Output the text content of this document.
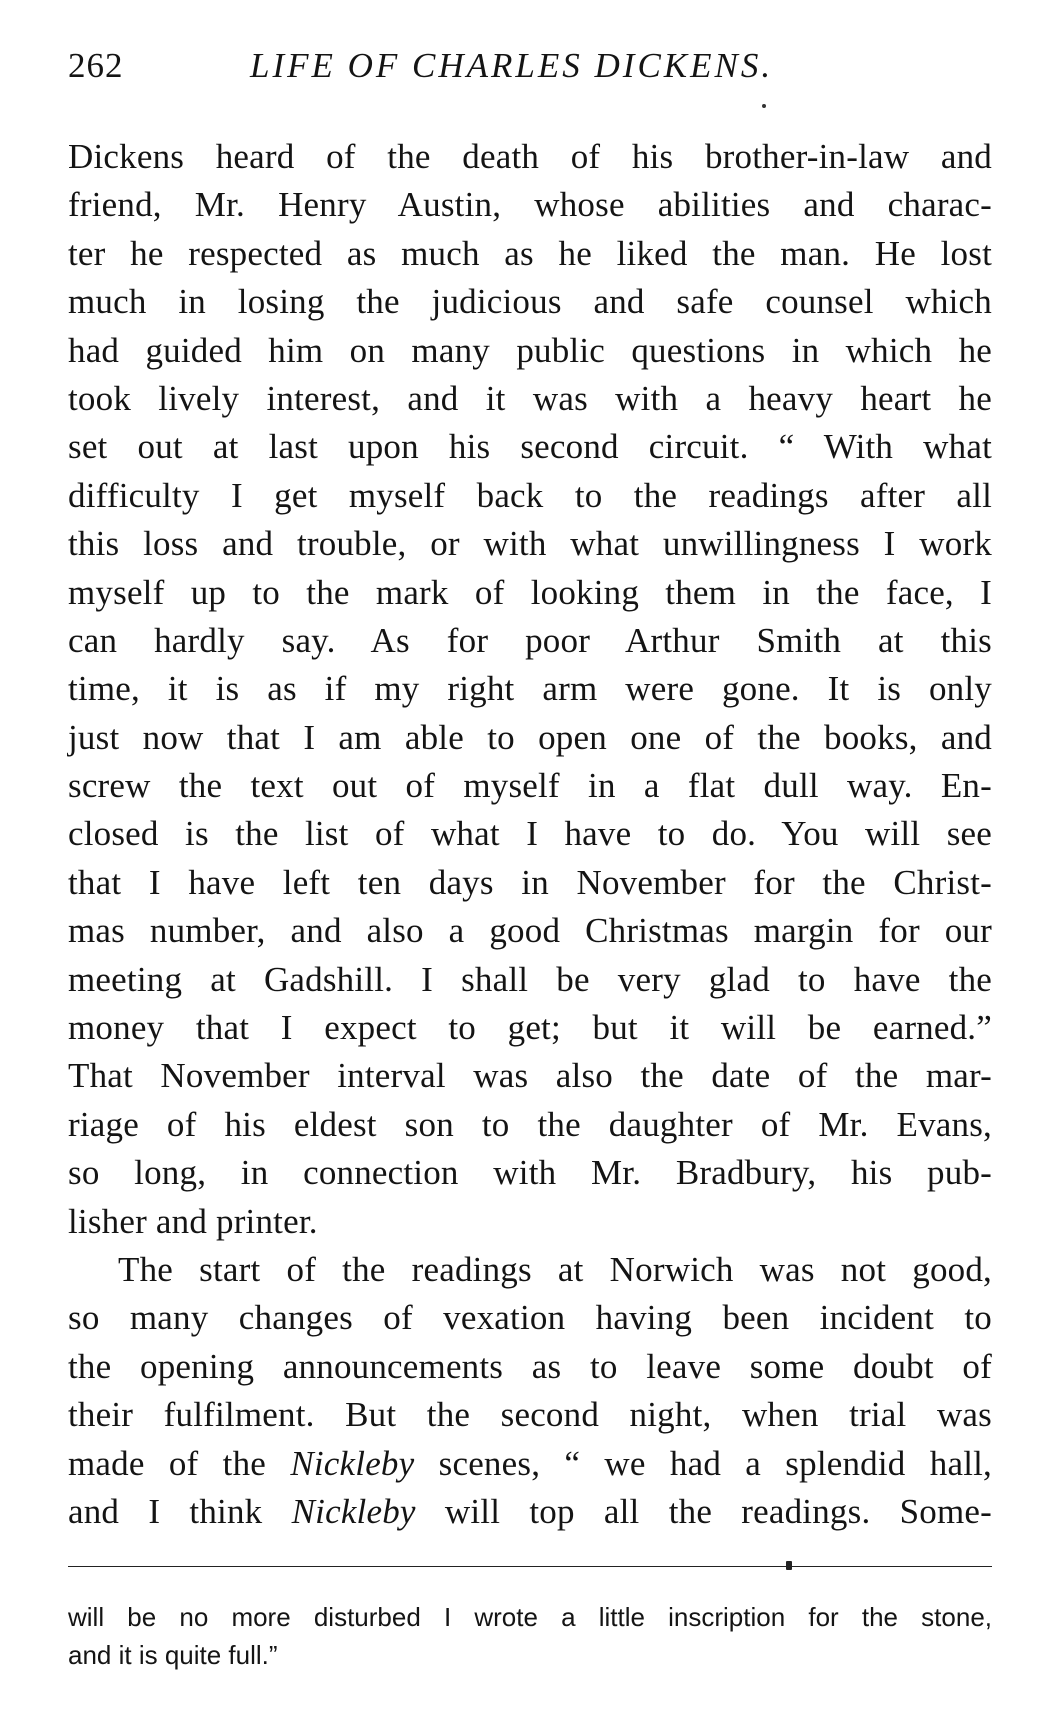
262	LIFE OF CHARLES DICKENS.
Dickens heard of the death of his brother-in-law and
friend, Mr. Henry Austin, whose abilities and charac-
ter he respected as much as he liked the man. He lost
much in losing the judicious and safe counsel which
had guided him on many public questions in which he
took lively interest, and it was with a heavy heart he
set out at last upon his second circuit. “ With what
difficulty I get myself back to the readings after all
this loss and trouble, or with what unwillingness I work
myself up to the mark of looking them in the face, I
can hardly say. As for poor Arthur Smith at this
time, it is as if my right arm were gone. It is only
just now that I am able to open one of the books, and
screw the text out of myself in a flat dull way. En-
closed is the list of what I have to do. You will see
that I have left ten days in November for the Christ-
mas number, and also a good Christmas margin for our
meeting at Gadshill. I shall be very glad to have the
money that I expect to get; but it will be earned.”
That November interval was also the date of the mar-
riage of his eldest son to the daughter of Mr. Evans,
so long, in connection with Mr. Bradbury, his pub-
lisher and printer.
The start of the readings at Norwich was not good,
so many changes of vexation having been incident to
the opening announcements as to leave some doubt of
their fulfilment. But the second night, when trial was
made of the Nickleby scenes, “ we had a splendid hall,
and I think Nickleby will top all the readings. Some-
will be no more disturbed I wrote a little inscription for the stone,
and it is quite full.”
